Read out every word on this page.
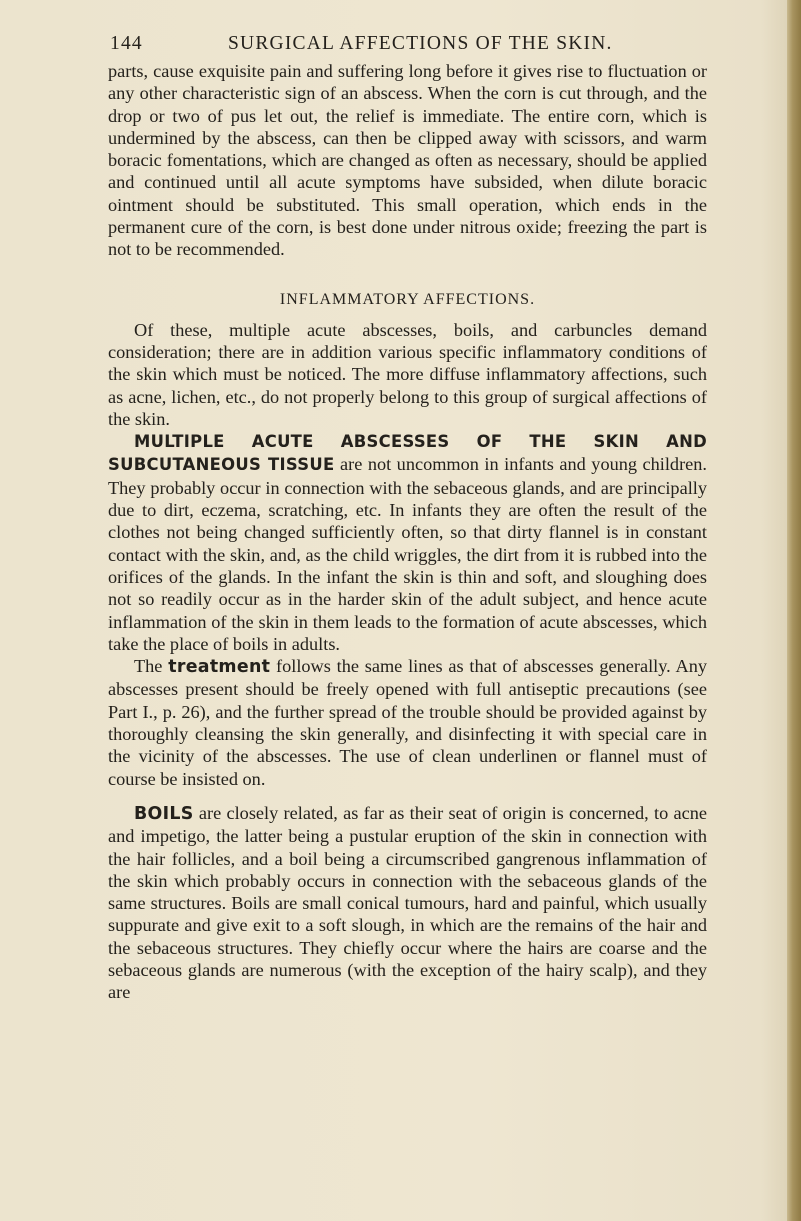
144	SURGICAL AFFECTIONS OF THE SKIN.

parts, cause exquisite pain and suffering long before it gives rise to fluctuation or any other characteristic sign of an abscess. When the corn is cut through, and the drop or two of pus let out, the relief is immediate. The entire corn, which is undermined by the abscess, can then be clipped away with scissors, and warm boracic fomentations, which are changed as often as necessary, should be applied and continued until all acute symptoms have subsided, when dilute boracic ointment should be substituted. This small operation, which ends in the permanent cure of the corn, is best done under nitrous oxide; freezing the part is not to be recommended.

INFLAMMATORY AFFECTIONS.

Of these, multiple acute abscesses, boils, and carbuncles demand consideration; there are in addition various specific inflammatory conditions of the skin which must be noticed. The more diffuse inflammatory affections, such as acne, lichen, etc., do not properly belong to this group of surgical affections of the skin.

MULTIPLE ACUTE ABSCESSES OF THE SKIN AND SUBCUTANEOUS TISSUE are not uncommon in infants and young children. They probably occur in connection with the sebaceous glands, and are principally due to dirt, eczema, scratching, etc. In infants they are often the result of the clothes not being changed sufficiently often, so that dirty flannel is in constant contact with the skin, and, as the child wriggles, the dirt from it is rubbed into the orifices of the glands. In the infant the skin is thin and soft, and sloughing does not so readily occur as in the harder skin of the adult subject, and hence acute inflammation of the skin in them leads to the formation of acute abscesses, which take the place of boils in adults.

The treatment follows the same lines as that of abscesses generally. Any abscesses present should be freely opened with full antiseptic precautions (see Part I., p. 26), and the further spread of the trouble should be provided against by thoroughly cleansing the skin generally, and disinfecting it with special care in the vicinity of the abscesses. The use of clean underlinen or flannel must of course be insisted on.

BOILS are closely related, as far as their seat of origin is concerned, to acne and impetigo, the latter being a pustular eruption of the skin in connection with the hair follicles, and a boil being a circumscribed gangrenous inflammation of the skin which probably occurs in connection with the sebaceous glands of the same structures. Boils are small conical tumours, hard and painful, which usually suppurate and give exit to a soft slough, in which are the remains of the hair and the sebaceous structures. They chiefly occur where the hairs are coarse and the sebaceous glands are numerous (with the exception of the hairy scalp), and they are
